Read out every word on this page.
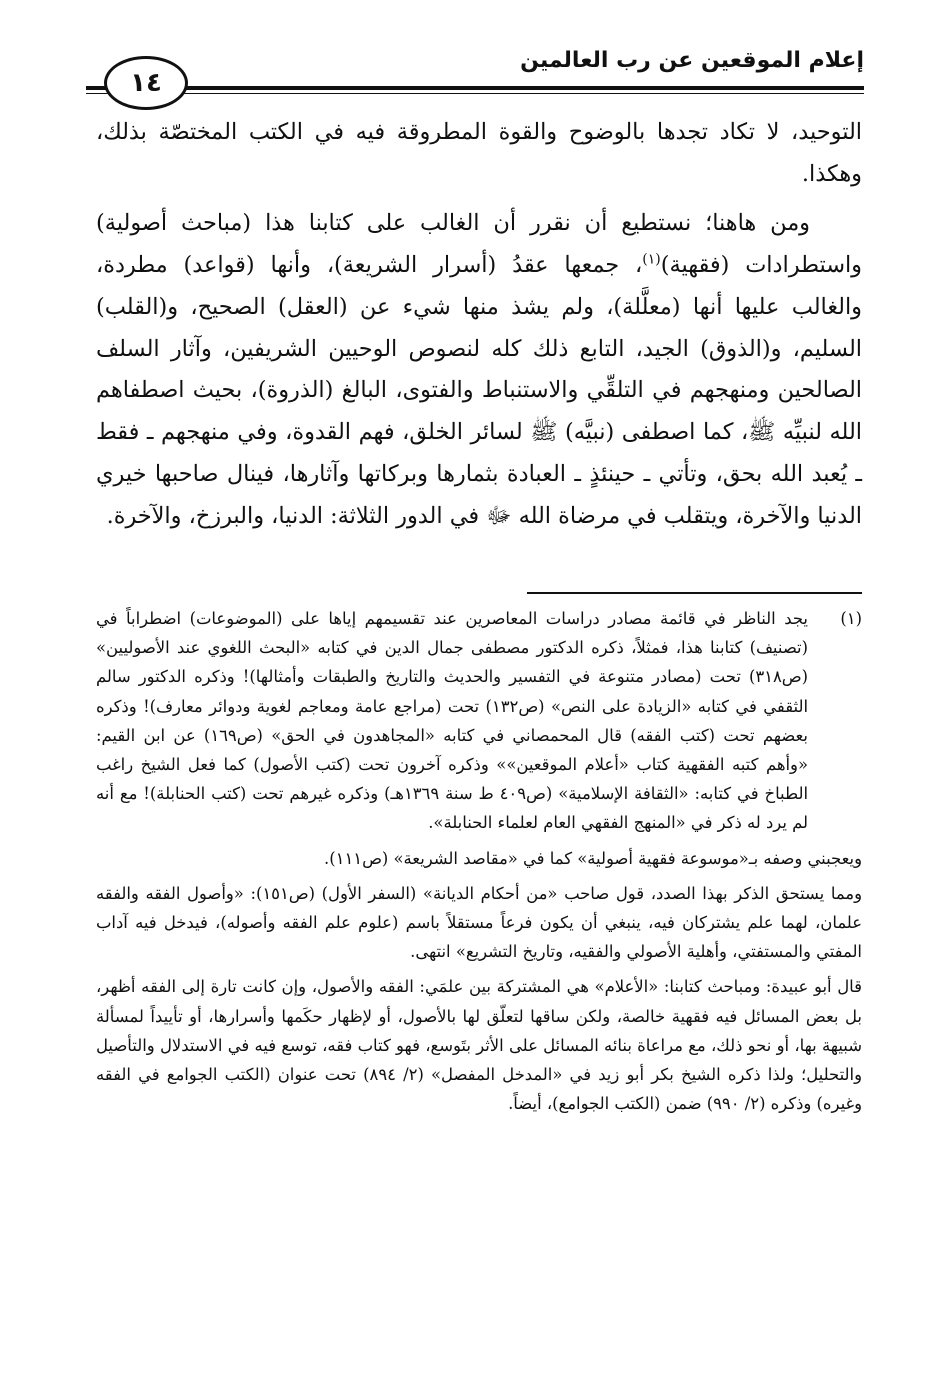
إعلام الموقعين عن رب العالمين
١٤

التوحيد، لا تكاد تجدها بالوضوح والقوة المطروقة فيه في الكتب المختصّة بذلك، وهكذا.

ومن هاهنا؛ نستطيع أن نقرر أن الغالب على كتابنا هذا (مباحث أصولية) واستطرادات (فقهية)$^{(١)}$، جمعها عقدُ (أسرار الشريعة)، وأنها (قواعد) مطردة، والغالب عليها أنها (معلَّلة)، ولم يشذ منها شيء عن (العقل) الصحيح، و(القلب) السليم، و(الذوق) الجيد، التابع ذلك كله لنصوص الوحيين الشريفين، وآثار السلف الصالحين ومنهجهم في التلقِّي والاستنباط والفتوى، البالغ (الذروة)، بحيث اصطفاهم الله لنبيِّه ﷺ، كما اصطفى (نبيَّه) ﷺ لسائر الخلق، فهم القدوة، وفي منهجهم ـ فقط ـ يُعبد الله بحق، وتأتي ـ حينئذٍ ـ العبادة بثمارها وبركاتها وآثارها، فينال صاحبها خيري الدنيا والآخرة، ويتقلب في مرضاة الله ﷻ في الدور الثلاثة: الدنيا، والبرزخ، والآخرة.

(١)
يجد الناظر في قائمة مصادر دراسات المعاصرين عند تقسيمهم إياها على (الموضوعات) اضطراباً في (تصنيف) كتابنا هذا، فمثلاً، ذكره الدكتور مصطفى جمال الدين في كتابه «البحث اللغوي عند الأصوليين» (ص٣١٨) تحت (مصادر متنوعة في التفسير والحديث والتاريخ والطبقات وأمثالها)! وذكره الدكتور سالم الثقفي في كتابه «الزيادة على النص» (ص١٣٢) تحت (مراجع عامة ومعاجم لغوية ودوائر معارف)! وذكره بعضهم تحت (كتب الفقه) قال المحمصاني في كتابه «المجاهدون في الحق» (ص١٦٩) عن ابن القيم: «وأهم كتبه الفقهية كتاب «أعلام الموقعين»» وذكره آخرون تحت (كتب الأصول) كما فعل الشيخ راغب الطباخ في كتابه: «الثقافة الإسلامية» (ص٤٠٩ ط سنة ١٣٦٩هـ) وذكره غيرهم تحت (كتب الحنابلة)! مع أنه لم يرد له ذكر في «المنهج الفقهي العام لعلماء الحنابلة».

ويعجبني وصفه بـ«موسوعة فقهية أصولية» كما في «مقاصد الشريعة» (ص١١١).

ومما يستحق الذكر بهذا الصدد، قول صاحب «من أحكام الديانة» (السفر الأول) (ص١٥١): «وأصول الفقه والفقه علمان، لهما علم يشتركان فيه، ينبغي أن يكون فرعاً مستقلاً باسم (علوم علم الفقه وأصوله)، فيدخل فيه آداب المفتي والمستفتي، وأهلية الأصولي والفقيه، وتاريخ التشريع» انتهى.

قال أبو عبيدة: ومباحث كتابنا: «الأعلام» هي المشتركة بين علمَي: الفقه والأصول، وإن كانت تارة إلى الفقه أظهر، بل بعض المسائل فيه فقهية خالصة، ولكن ساقها لتعلّق لها بالأصول، أو لإظهار حكَمها وأسرارها، أو تأييداً لمسألة شبيهة بها، أو نحو ذلك، مع مراعاة بنائه المسائل على الأثر بتَوسع، فهو كتاب فقه، توسع فيه في الاستدلال والتأصيل والتحليل؛ ولذا ذكره الشيخ بكر أبو زيد في «المدخل المفصل» (٢/ ٨٩٤) تحت عنوان (الكتب الجوامع في الفقه وغيره) وذكره (٢/ ٩٩٠) ضمن (الكتب الجوامع)، أيضاً.
